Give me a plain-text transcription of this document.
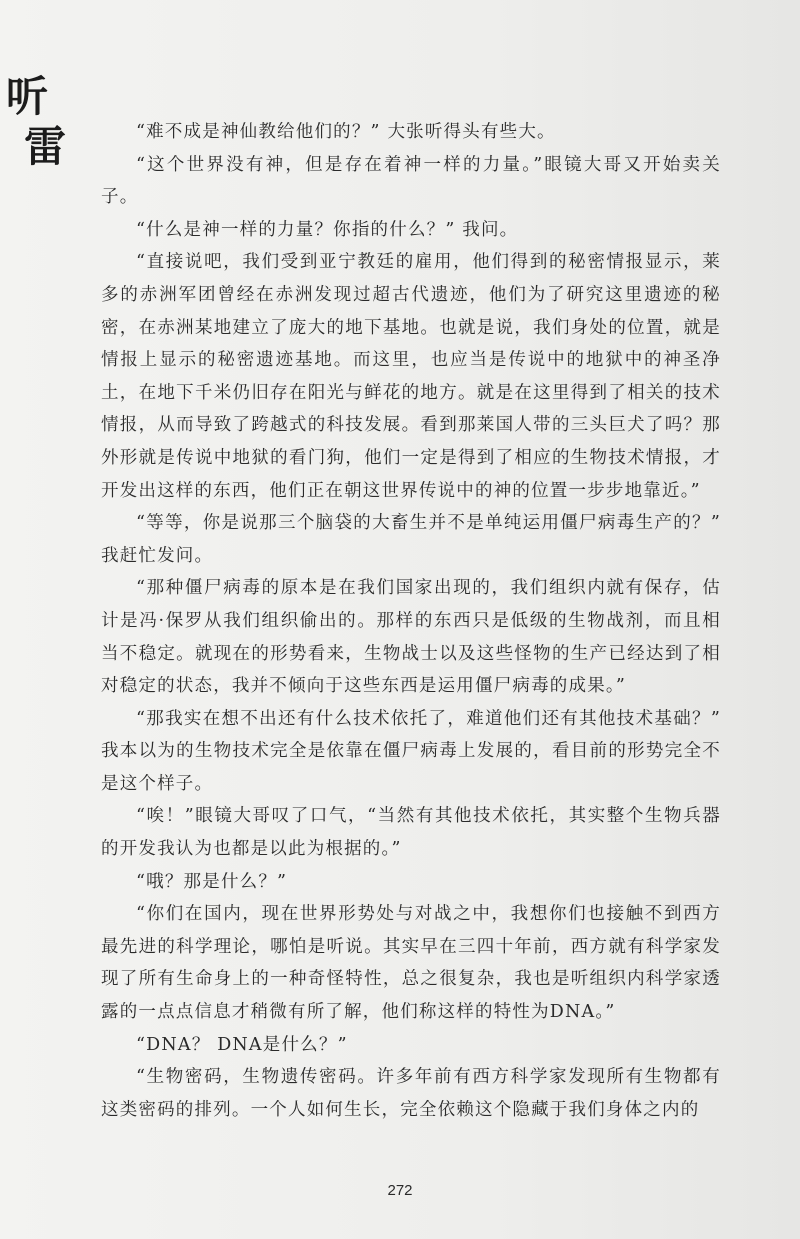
听
雷	“难不成是神仙教给他们的？” 大张听得头有些大。

“这个世界没有神，但是存在着神一样的力量。”眼镜大哥又开始卖关子。

“什么是神一样的力量？你指的什么？” 我问。

“直接说吧，我们受到亚宁教廷的雇用，他们得到的秘密情报显示，莱多的赤洲军团曾经在赤洲发现过超古代遗迹，他们为了研究这里遗迹的秘密，在赤洲某地建立了庞大的地下基地。也就是说，我们身处的位置，就是情报上显示的秘密遗迹基地。而这里，也应当是传说中的地狱中的神圣净土，在地下千米仍旧存在阳光与鲜花的地方。就是在这里得到了相关的技术情报，从而导致了跨越式的科技发展。看到那莱国人带的三头巨犬了吗？那外形就是传说中地狱的看门狗，他们一定是得到了相应的生物技术情报，才开发出这样的东西，他们正在朝这世界传说中的神的位置一步步地靠近。”

“等等，你是说那三个脑袋的大畜生并不是单纯运用僵尸病毒生产的？” 我赶忙发问。

“那种僵尸病毒的原本是在我们国家出现的，我们组织内就有保存，估计是冯·保罗从我们组织偷出的。那样的东西只是低级的生物战剂，而且相当不稳定。就现在的形势看来，生物战士以及这些怪物的生产已经达到了相对稳定的状态，我并不倾向于这些东西是运用僵尸病毒的成果。”

“那我实在想不出还有什么技术依托了，难道他们还有其他技术基础？” 我本以为的生物技术完全是依靠在僵尸病毒上发展的，看目前的形势完全不是这个样子。

“唉！”眼镜大哥叹了口气，“当然有其他技术依托，其实整个生物兵器的开发我认为也都是以此为根据的。”

“哦？那是什么？”

“你们在国内，现在世界形势处与对战之中，我想你们也接触不到西方最先进的科学理论，哪怕是听说。其实早在三四十年前，西方就有科学家发现了所有生命身上的一种奇怪特性，总之很复杂，我也是听组织内科学家透露的一点点信息才稍微有所了解，他们称这样的特性为DNA。”

“DNA？ DNA是什么？”

“生物密码，生物遗传密码。许多年前有西方科学家发现所有生物都有这类密码的排列。一个人如何生长，完全依赖这个隐藏于我们身体之内的

272
